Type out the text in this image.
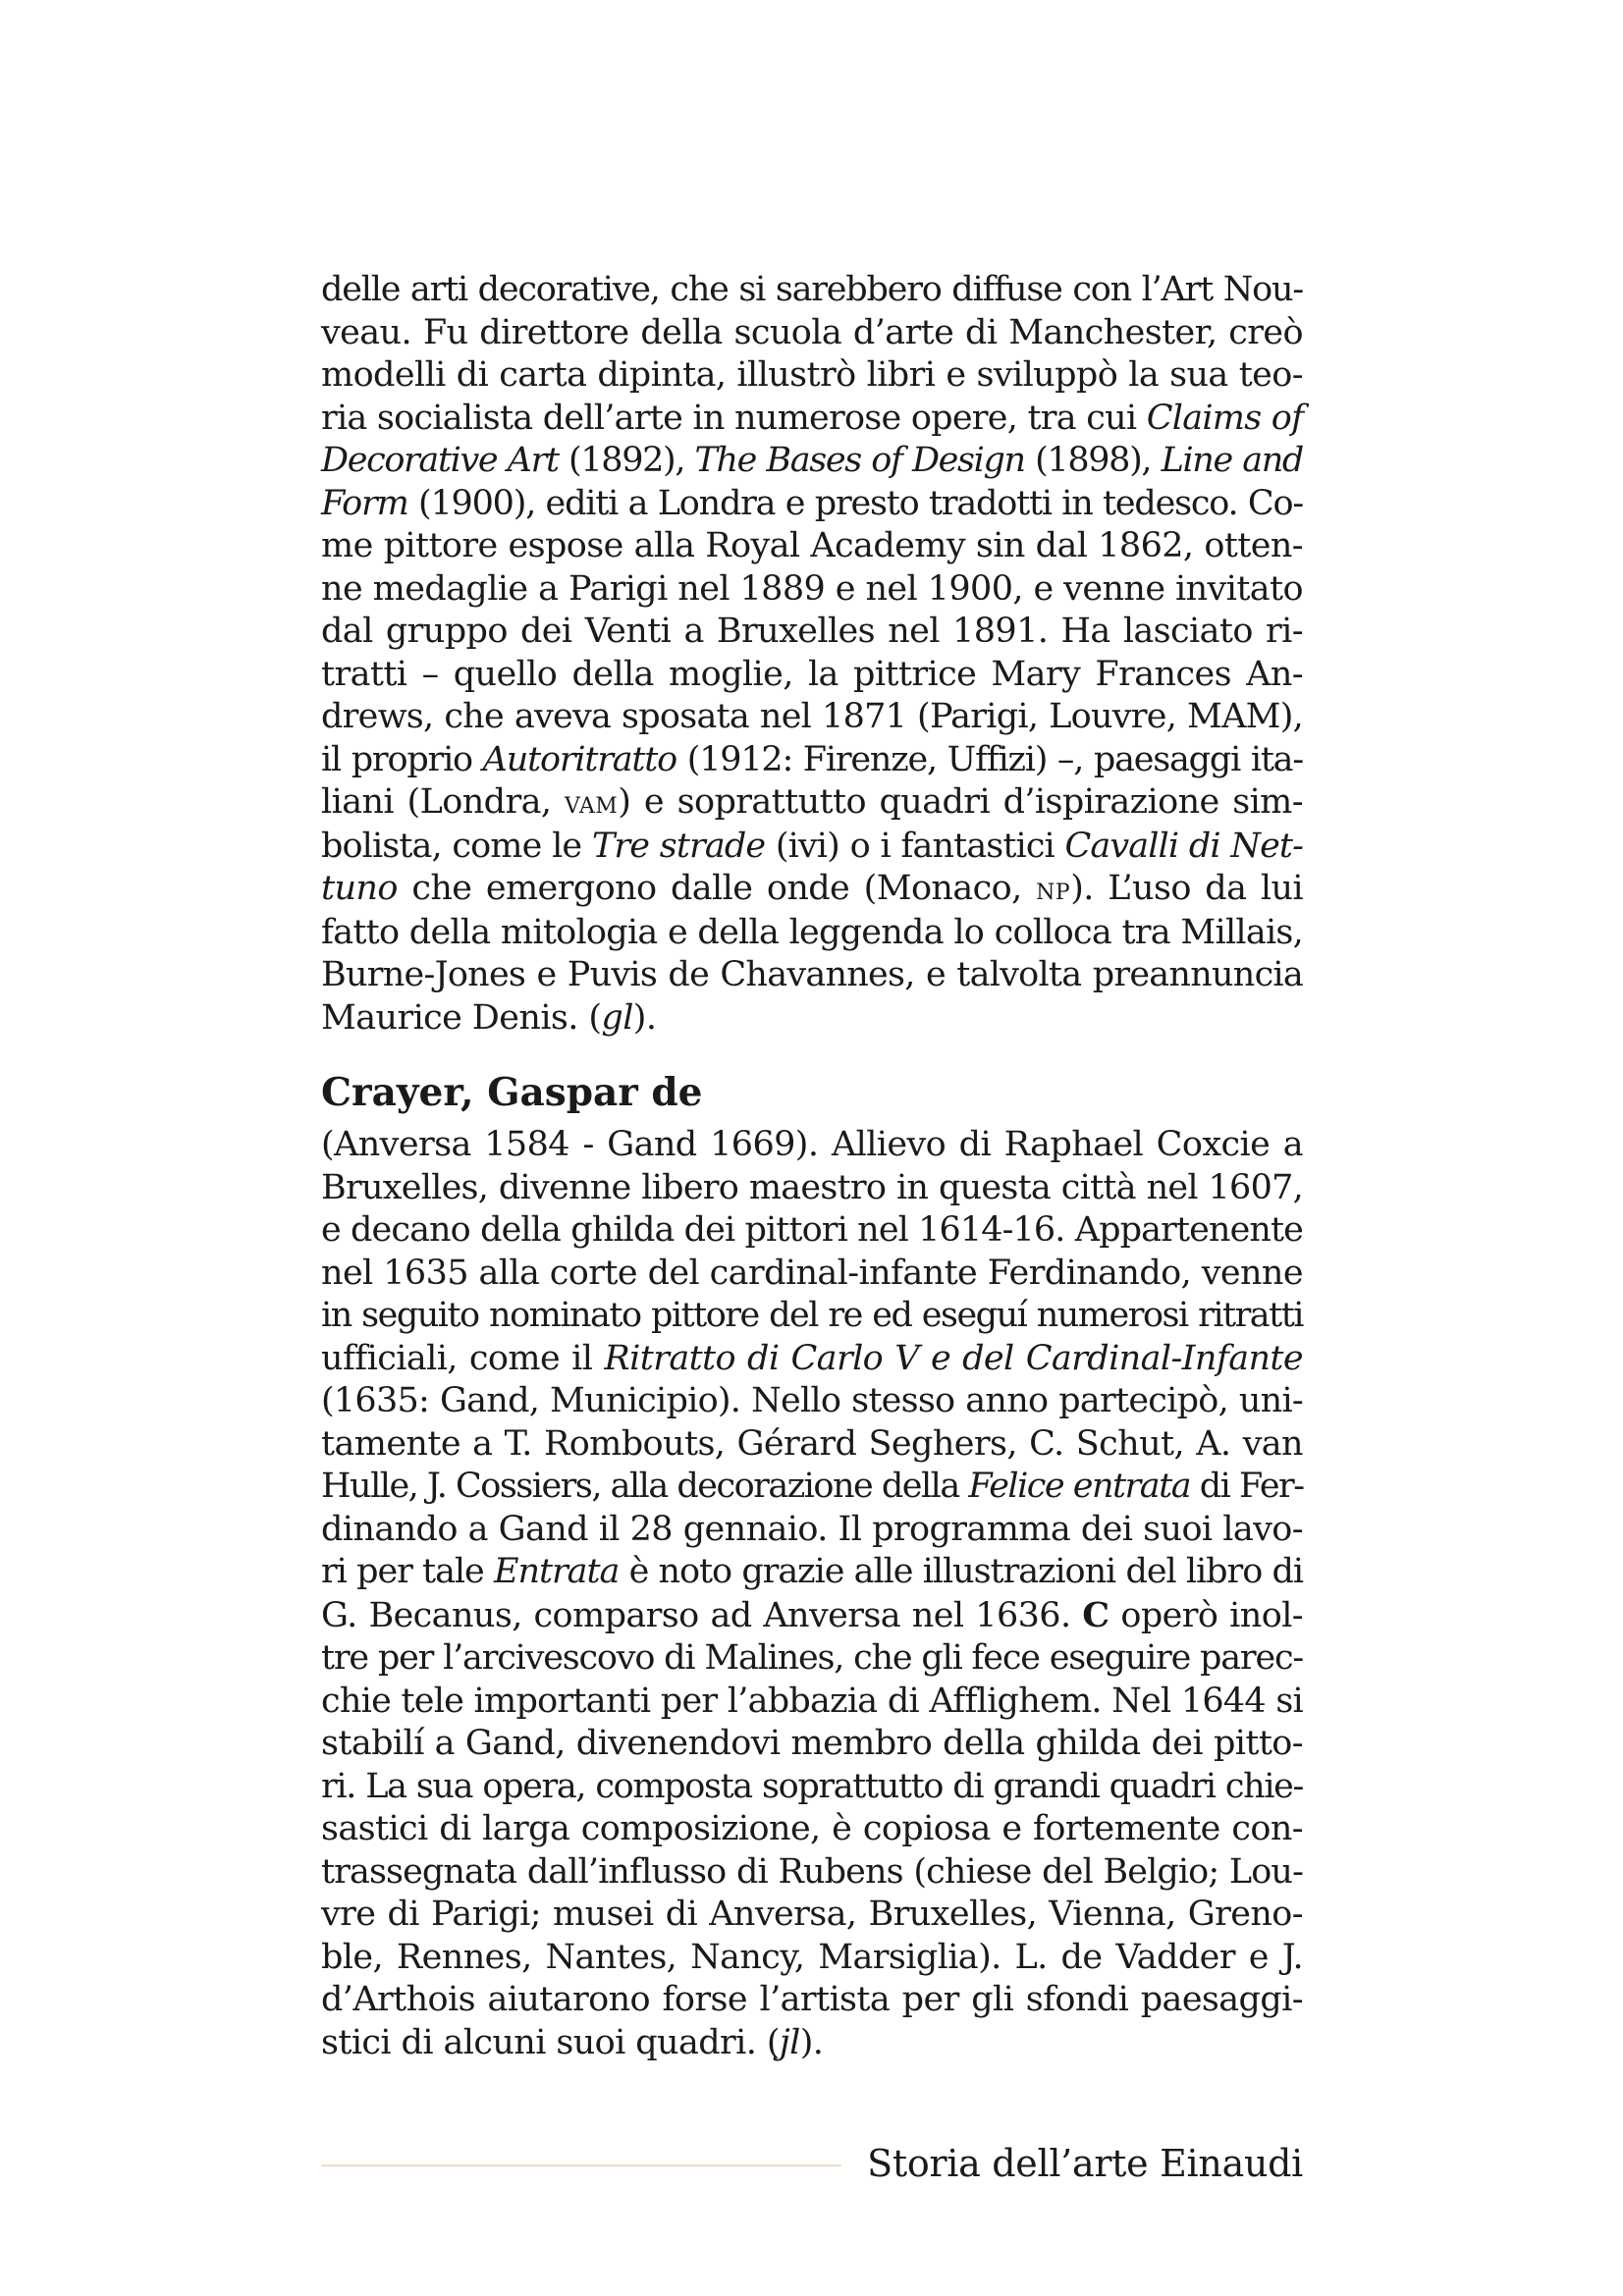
delle arti decorative, che si sarebbero diffuse con l’Art Nou-
veau. Fu direttore della scuola d’arte di Manchester, creò
modelli di carta dipinta, illustrò libri e sviluppò la sua teo-
ria socialista dell’arte in numerose opere, tra cui Claims of
Decorative Art (1892), The Bases of Design (1898), Line and
Form (1900), editi a Londra e presto tradotti in tedesco. Co-
me pittore espose alla Royal Academy sin dal 1862, otten-
ne medaglie a Parigi nel 1889 e nel 1900, e venne invitato
dal gruppo dei Venti a Bruxelles nel 1891. Ha lasciato ri-
tratti – quello della moglie, la pittrice Mary Frances An-
drews, che aveva sposata nel 1871 (Parigi, Louvre, MAM),
il proprio Autoritratto (1912: Firenze, Uffizi) –, paesaggi ita-
liani (Londra, vam) e soprattutto quadri d’ispirazione sim-
bolista, come le Tre strade (ivi) o i fantastici Cavalli di Net-
tuno che emergono dalle onde (Monaco, np). L’uso da lui
fatto della mitologia e della leggenda lo colloca tra Millais,
Burne-Jones e Puvis de Chavannes, e talvolta preannuncia
Maurice Denis. (gl).
Crayer, Gaspar de
(Anversa 1584 - Gand 1669). Allievo di Raphael Coxcie a
Bruxelles, divenne libero maestro in questa città nel 1607,
e decano della ghilda dei pittori nel 1614-16. Appartenente
nel 1635 alla corte del cardinal-infante Ferdinando, venne
in seguito nominato pittore del re ed eseguí numerosi ritratti
ufficiali, come il Ritratto di Carlo V e del Cardinal-Infante
(1635: Gand, Municipio). Nello stesso anno partecipò, uni-
tamente a T. Rombouts, Gérard Seghers, C. Schut, A. van
Hulle, J. Cossiers, alla decorazione della Felice entrata di Fer-
dinando a Gand il 28 gennaio. Il programma dei suoi lavo-
ri per tale Entrata è noto grazie alle illustrazioni del libro di
G. Becanus, comparso ad Anversa nel 1636. C operò inol-
tre per l’arcivescovo di Malines, che gli fece eseguire parec-
chie tele importanti per l’abbazia di Afflighem. Nel 1644 si
stabilí a Gand, divenendovi membro della ghilda dei pitto-
ri. La sua opera, composta soprattutto di grandi quadri chie-
sastici di larga composizione, è copiosa e fortemente con-
trassegnata dall’influsso di Rubens (chiese del Belgio; Lou-
vre di Parigi; musei di Anversa, Bruxelles, Vienna, Greno-
ble, Rennes, Nantes, Nancy, Marsiglia). L. de Vadder e J.
d’Arthois aiutarono forse l’artista per gli sfondi paesaggi-
stici di alcuni suoi quadri. (jl).
Storia dell’arte Einaudi
